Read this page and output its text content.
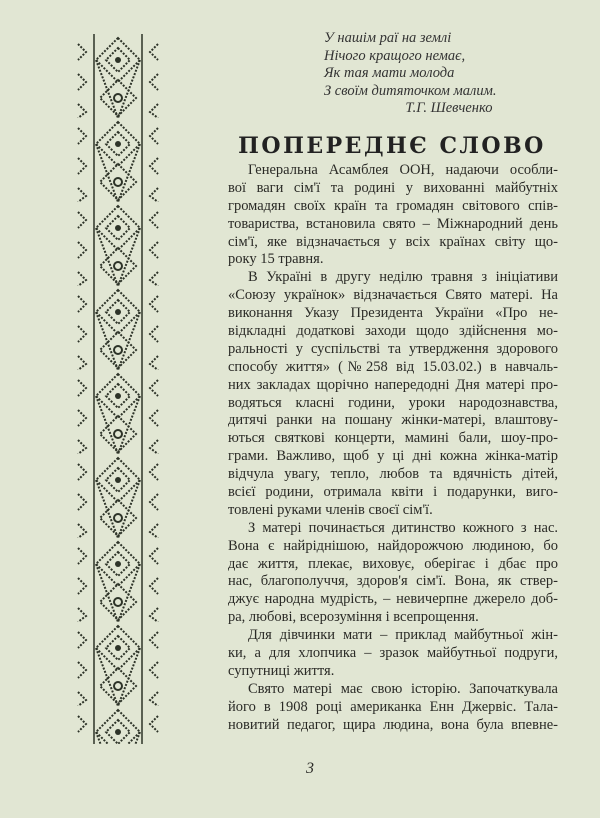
У нашім раї на землі
Нічого кращого немає,
Як тая мати молода
З своїм дитяточком малим.
Т.Г. Шевченко
ПОПЕРЕДНЄ СЛОВО
Генеральна Асамблея ООН, надаючи особли-
вої ваги сім'ї та родині у вихованні майбутніх
громадян своїх країн та громадян світового спів-
товариства, встановила свято – Міжнародний день
сім'ї, яке відзначається у всіх країнах світу що-
року 15 травня.
В Україні в другу неділю травня з ініціативи
«Союзу українок» відзначається Свято матері. На
виконання Указу Президента України «Про не-
відкладні додаткові заходи щодо здійснення мо-
ральності у суспільстві та утвердження здорового
способу життя» (№258 від 15.03.02.) в навчаль-
них закладах щорічно напередодні Дня матері про-
водяться класні години, уроки народознавства,
дитячі ранки на пошану жінки-матері, влаштову-
ються святкові концерти, мамині бали, шоу-про-
грами. Важливо, щоб у ці дні кожна жінка-матір
відчула увагу, тепло, любов та вдячність дітей,
всієї родини, отримала квіти і подарунки, виго-
товлені руками членів своєї сім'ї.
З матері починається дитинство кожного з нас.
Вона є найріднішою, найдорожчою людиною, бо
дає життя, плекає, виховує, оберігає і дбає про
нас, благополуччя, здоров'я сім'ї. Вона, як ствер-
джує народна мудрість, – невичерпне джерело доб-
ра, любові, всерозуміння і всепрощення.
Для дівчинки мати – приклад майбутньої жін-
ки, а для хлопчика – зразок майбутньої подруги,
супутниці життя.
Свято матері має свою історію. Започаткувала
його в 1908 році американка Енн Джервіс. Тала-
новитий педагог, щира людина, вона була впевне-
3
